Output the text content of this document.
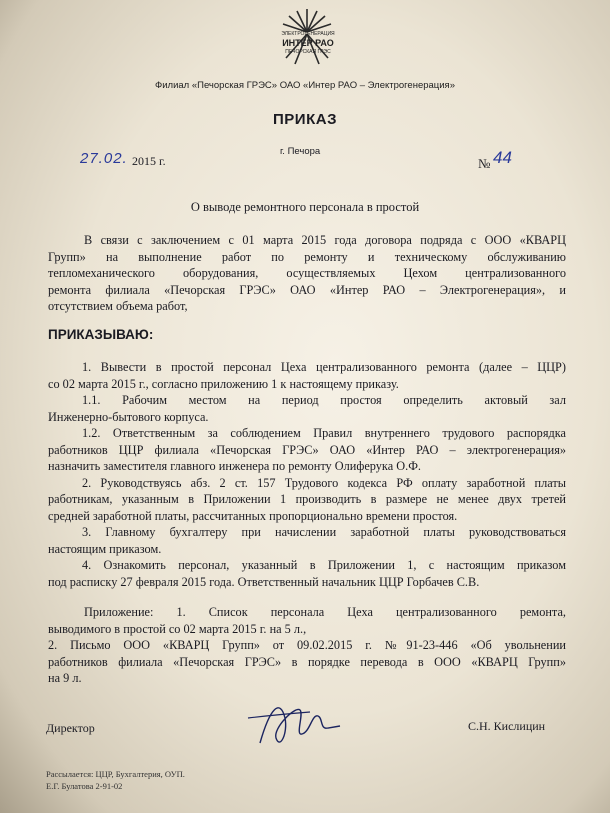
ЭЛЕКТРОГЕНЕРАЦИЯ
ИНТЕР РАО
ПЕЧОРСКАЯ ГРЭС
Филиал «Печорская ГРЭС» ОАО «Интер РАО – Электрогенерация»
ПРИКАЗ
27.02. 2015 г.
г. Печора
№ 44
О выводе ремонтного персонала в простой
В связи с заключением с 01 марта 2015 года договора подряда с ООО «КВАРЦ
Групп» на выполнение работ по ремонту и техническому обслуживанию
тепломеханического оборудования, осуществляемых Цехом централизованного
ремонта филиала «Печорская ГРЭС» ОАО «Интер РАО – Электрогенерация», и
отсутствием объема работ,
ПРИКАЗЫВАЮ:
1. Вывести в простой персонал Цеха централизованного ремонта (далее – ЦЦР)
со 02 марта 2015 г., согласно приложению 1 к настоящему приказу.
1.1. Рабочим местом на период простоя определить актовый зал
Инженерно-бытового корпуса.
1.2. Ответственным за соблюдением Правил внутреннего трудового распорядка
работников ЦЦР филиала «Печорская ГРЭС» ОАО «Интер РАО – электрогенерация»
назначить заместителя главного инженера по ремонту Олиферука О.Ф.
2. Руководствуясь абз. 2 ст. 157 Трудового кодекса РФ оплату заработной платы
работникам, указанным в Приложении 1 производить в размере не менее двух третей
средней заработной платы, рассчитанных пропорционально времени простоя.
3. Главному бухгалтеру при начислении заработной платы руководствоваться
настоящим приказом.
4. Ознакомить персонал, указанный в Приложении 1, с настоящим приказом
под расписку 27 февраля 2015 года. Ответственный начальник ЦЦР Горбачев С.В.
Приложение: 1. Список персонала Цеха централизованного ремонта,
выводимого в простой со 02 марта 2015 г. на 5 л.,
2. Письмо ООО «КВАРЦ Групп» от 09.02.2015 г. №91-23-446 «Об увольнении
работников филиала «Печорская ГРЭС» в порядке перевода в ООО «КВАРЦ Групп»
на 9 л.
Директор	С.Н. Кислицин
Рассылается: ЦЦР, Бухгалтерия, ОУП.
Е.Г. Булатова 2-91-02
